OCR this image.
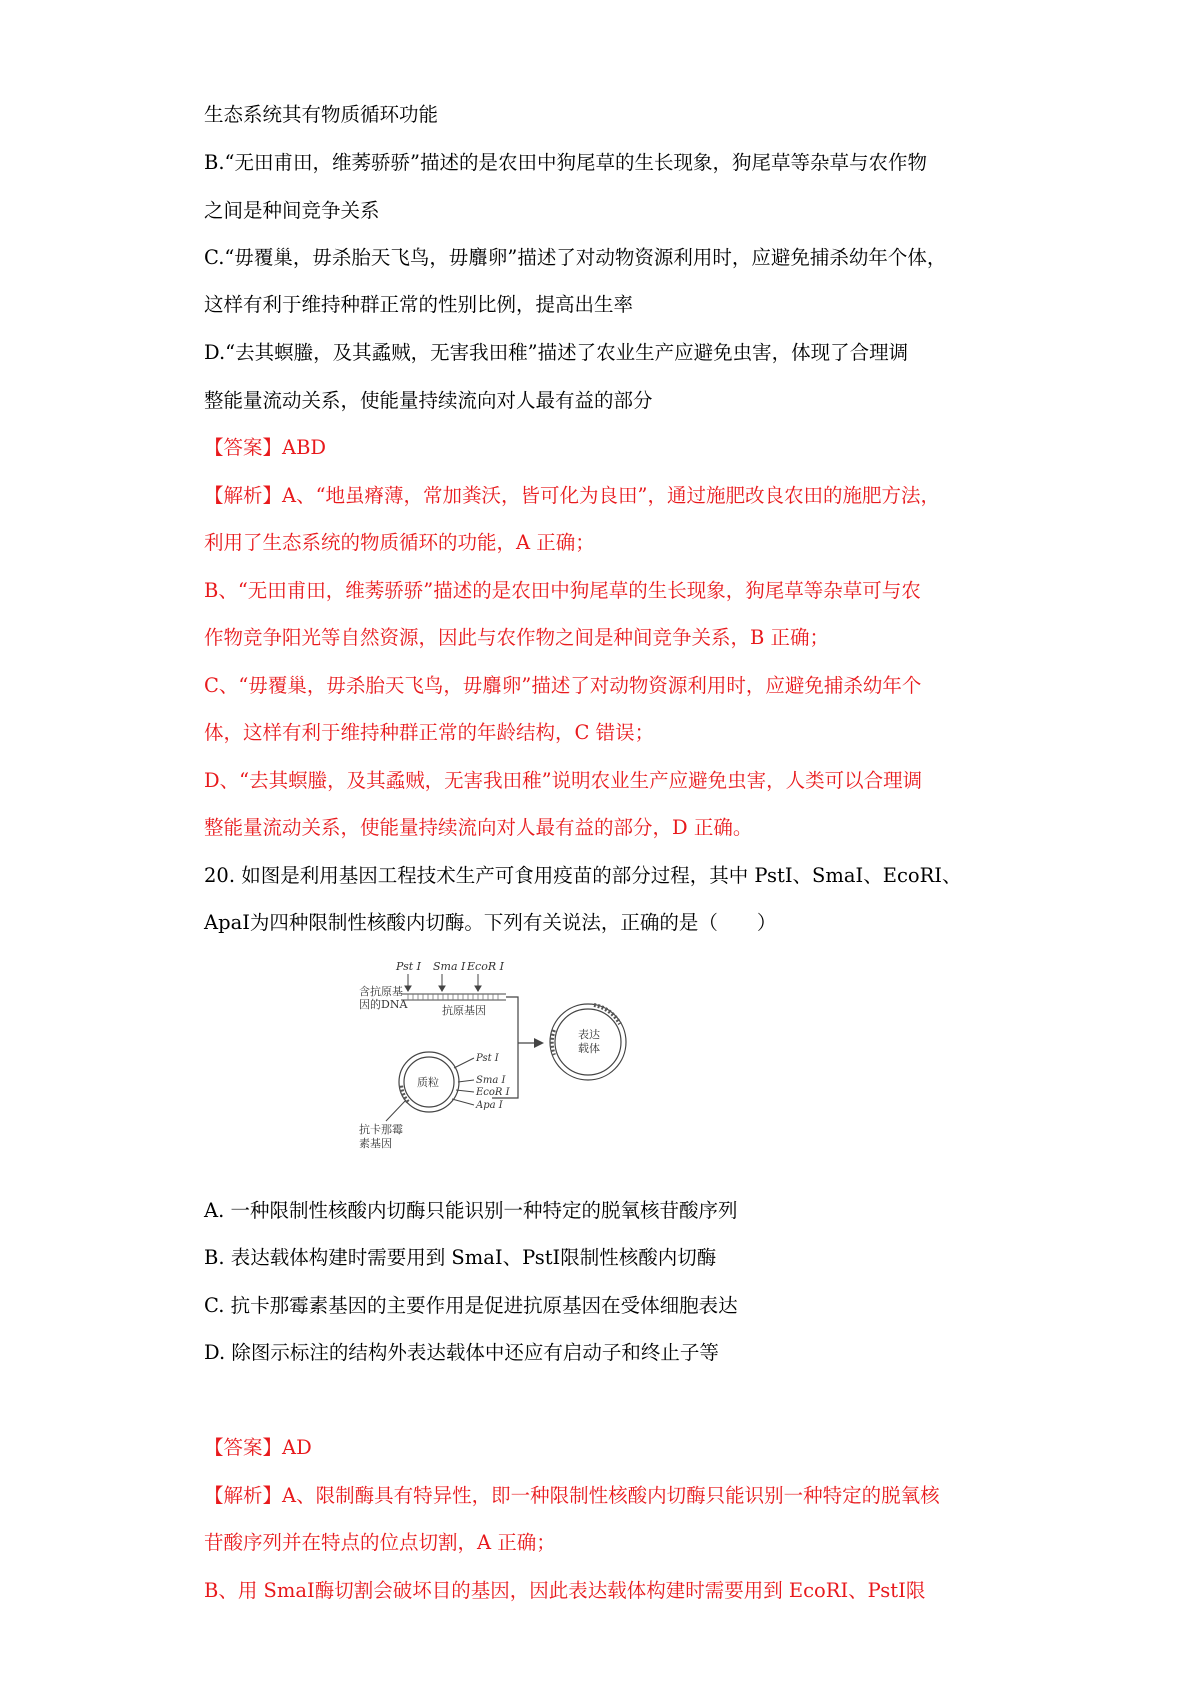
生态系统其有物质循环功能
B.“无田甫田，维莠骄骄”描述的是农田中狗尾草的生长现象，狗尾草等杂草与农作物
之间是种间竞争关系
C.“毋覆巢，毋杀胎天飞鸟，毋麛卵”描述了对动物资源利用时，应避免捕杀幼年个体，
这样有利于维持种群正常的性别比例，提高出生率
D.“去其螟螣，及其蟊贼，无害我田稚”描述了农业生产应避免虫害，体现了合理调
整能量流动关系，使能量持续流向对人最有益的部分
【答案】ABD
【解析】A、“地虽瘠薄，常加粪沃，皆可化为良田”，通过施肥改良农田的施肥方法，
利用了生态系统的物质循环的功能，A 正确；
B、“无田甫田，维莠骄骄”描述的是农田中狗尾草的生长现象，狗尾草等杂草可与农
作物竞争阳光等自然资源，因此与农作物之间是种间竞争关系，B 正确；
C、“毋覆巢，毋杀胎天飞鸟，毋麛卵”描述了对动物资源利用时，应避免捕杀幼年个
体，这样有利于维持种群正常的年龄结构，C 错误；
D、“去其螟螣，及其蟊贼，无害我田稚”说明农业生产应避免虫害，人类可以合理调
整能量流动关系，使能量持续流向对人最有益的部分，D 正确。
20. 如图是利用基因工程技术生产可食用疫苗的部分过程，其中 PstⅠ、SmaⅠ、EcoRⅠ、
ApaⅠ为四种限制性核酸内切酶。下列有关说法，正确的是（　　）
Pst Ⅰ Sma Ⅰ EcoR Ⅰ
含抗原基
因的DNA	抗原基因
表达
载体
质粒
Pst Ⅰ
Sma Ⅰ
EcoR Ⅰ
Apa Ⅰ
抗卡那霉
素基因
A. 一种限制性核酸内切酶只能识别一种特定的脱氧核苷酸序列
B. 表达载体构建时需要用到 SmaⅠ、PstⅠ限制性核酸内切酶
C. 抗卡那霉素基因的主要作用是促进抗原基因在受体细胞表达
D. 除图示标注的结构外表达载体中还应有启动子和终止子等
【答案】AD
【解析】A、限制酶具有特异性，即一种限制性核酸内切酶只能识别一种特定的脱氧核
苷酸序列并在特点的位点切割，A 正确；
B、用 SmaⅠ酶切割会破坏目的基因，因此表达载体构建时需要用到 EcoRⅠ、PstⅠ限
